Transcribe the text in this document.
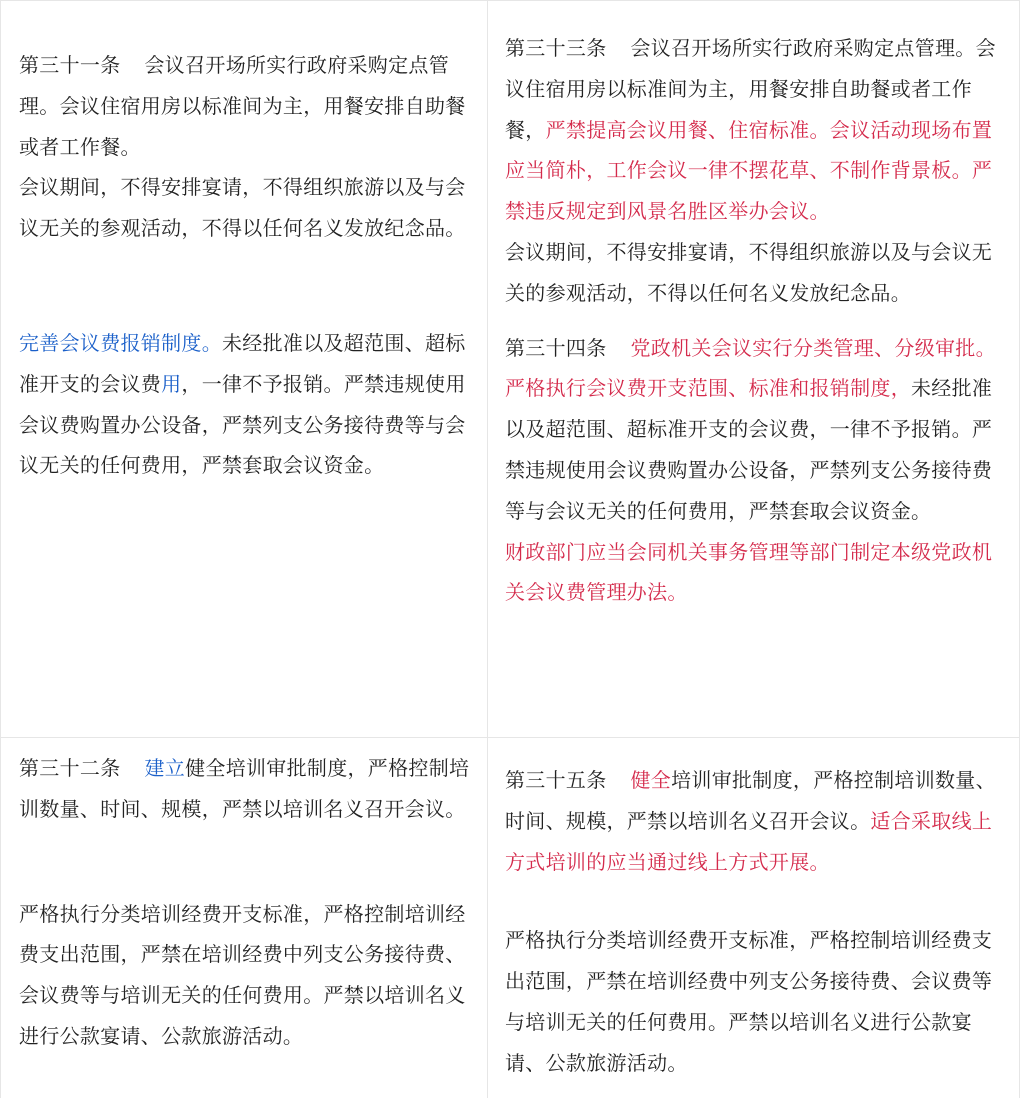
第三十一条 会议召开场所实行政府采购定点管理。会议住宿用房以标准间为主，用餐安排自助餐或者工作餐。

会议期间，不得安排宴请，不得组织旅游以及与会议无关的参观活动，不得以任何名义发放纪念品。

完善会议费报销制度。未经批准以及超范围、超标准开支的会议费用，一律不予报销。严禁违规使用会议费购置办公设备，严禁列支公务接待费等与会议无关的任何费用，严禁套取会议资金。

第三十三条 会议召开场所实行政府采购定点管理。会议住宿用房以标准间为主，用餐安排自助餐或者工作餐，严禁提高会议用餐、住宿标准。会议活动现场布置应当简朴，工作会议一律不摆花草、不制作背景板。严禁违反规定到风景名胜区举办会议。

会议期间，不得安排宴请，不得组织旅游以及与会议无关的参观活动，不得以任何名义发放纪念品。

第三十四条 党政机关会议实行分类管理、分级审批。严格执行会议费开支范围、标准和报销制度，未经批准以及超范围、超标准开支的会议费，一律不予报销。严禁违规使用会议费购置办公设备，严禁列支公务接待费等与会议无关的任何费用，严禁套取会议资金。

财政部门应当会同机关事务管理等部门制定本级党政机关会议费管理办法。

第三十二条 建立健全培训审批制度，严格控制培训数量、时间、规模，严禁以培训名义召开会议。

严格执行分类培训经费开支标准，严格控制培训经费支出范围，严禁在培训经费中列支公务接待费、会议费等与培训无关的任何费用。严禁以培训名义进行公款宴请、公款旅游活动。

第三十五条 健全培训审批制度，严格控制培训数量、时间、规模，严禁以培训名义召开会议。适合采取线上方式培训的应当通过线上方式开展。

严格执行分类培训经费开支标准，严格控制培训经费支出范围，严禁在培训经费中列支公务接待费、会议费等与培训无关的任何费用。严禁以培训名义进行公款宴请、公款旅游活动。
